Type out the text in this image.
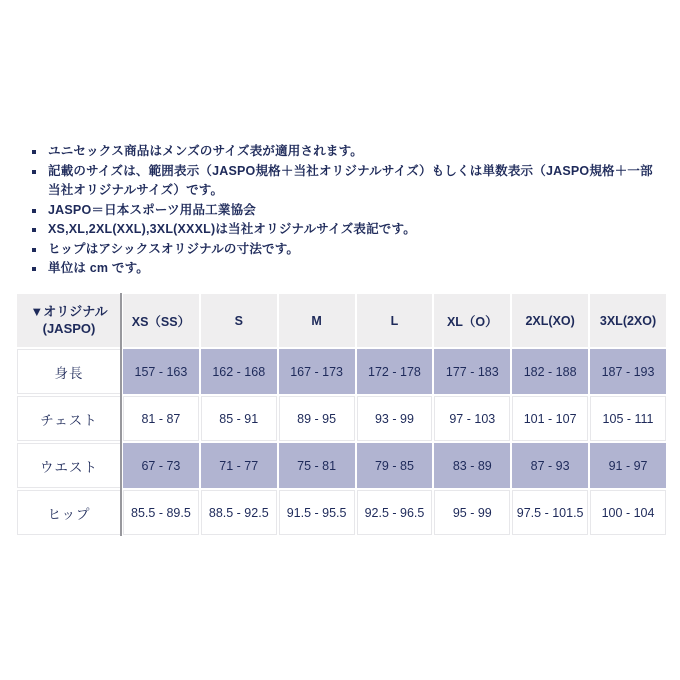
ユニセックス商品はメンズのサイズ表が適用されます。
記載のサイズは、範囲表示（JASPO規格＋当社オリジナルサイズ）もしくは単数表示（JASPO規格＋一部当社オリジナルサイズ）です。
JASPO＝日本スポーツ用品工業協会
XS,XL,2XL(XXL),3XL(XXXL)は当社オリジナルサイズ表記です。
ヒップはアシックスオリジナルの寸法です。
単位は cm です。
▼オリジナル
(JASPO)	XS（SS）	S	M	L	XL（O）	2XL(XO)	3XL(2XO)
身長	157 - 163	162 - 168	167 - 173	172 - 178	177 - 183	182 - 188	187 - 193
チェスト	81 - 87	85 - 91	89 - 95	93 - 99	97 - 103	101 - 107	105 - 111
ウエスト	67 - 73	71 - 77	75 - 81	79 - 85	83 - 89	87 - 93	91 - 97
ヒップ	85.5 - 89.5	88.5 - 92.5	91.5 - 95.5	92.5 - 96.5	95 - 99	97.5 - 101.5	100 - 104
